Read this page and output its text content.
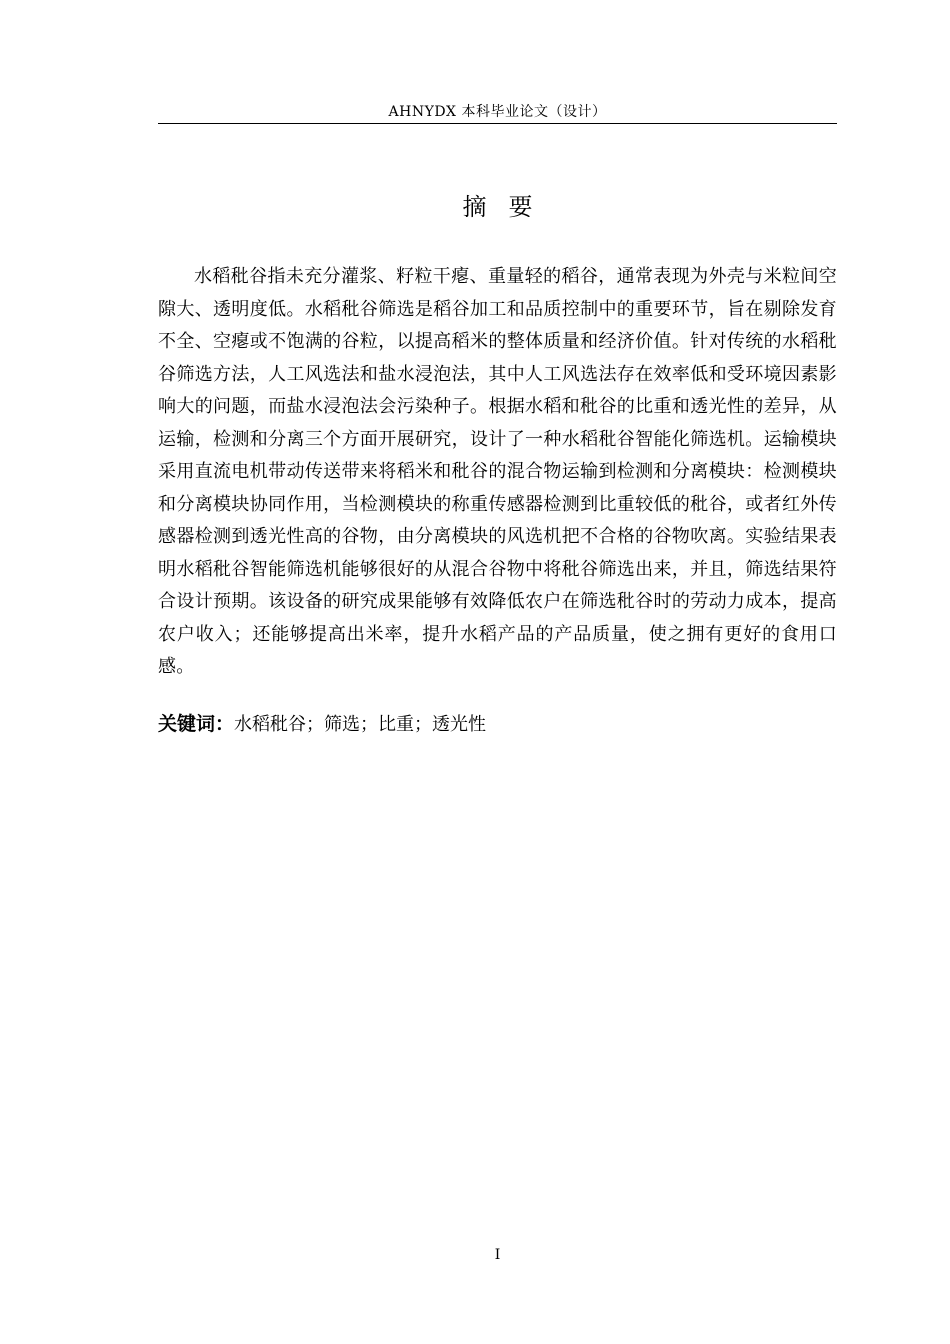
AHNYDX 本科毕业论文（设计）
摘要

水稻秕谷指未充分灌浆、籽粒干瘪、重量轻的稻谷，通常表现为外壳与米粒间空隙大、透明度低。水稻秕谷筛选是稻谷加工和品质控制中的重要环节，旨在剔除发育不全、空瘪或不饱满的谷粒，以提高稻米的整体质量和经济价值。针对传统的水稻秕谷筛选方法，人工风选法和盐水浸泡法，其中人工风选法存在效率低和受环境因素影响大的问题，而盐水浸泡法会污染种子。根据水稻和秕谷的比重和透光性的差异，从运输，检测和分离三个方面开展研究，设计了一种水稻秕谷智能化筛选机。运输模块采用直流电机带动传送带来将稻米和秕谷的混合物运输到检测和分离模块：检测模块和分离模块协同作用，当检测模块的称重传感器检测到比重较低的秕谷，或者红外传感器检测到透光性高的谷物，由分离模块的风选机把不合格的谷物吹离。实验结果表明水稻秕谷智能筛选机能够很好的从混合谷物中将秕谷筛选出来，并且，筛选结果符合设计预期。该设备的研究成果能够有效降低农户在筛选秕谷时的劳动力成本，提高农户收入；还能够提高出米率，提升水稻产品的产品质量，使之拥有更好的食用口感。

关键词：水稻秕谷；筛选；比重；透光性
I
